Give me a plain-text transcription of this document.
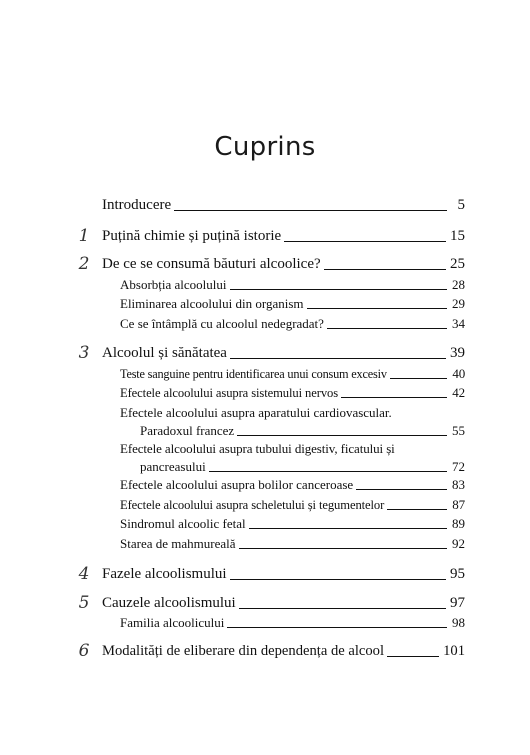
Cuprins
Introducere	5
1 Puțină chimie și puțină istorie	15
2 De ce se consumă băuturi alcoolice?	25
Absorbția alcoolului	28
Eliminarea alcoolului din organism	29
Ce se întâmplă cu alcoolul nedegradat?	34
3 Alcoolul și sănătatea	39
Teste sanguine pentru identificarea unui consum excesiv	40
Efectele alcoolului asupra sistemului nervos	42
Efectele alcoolului asupra aparatului cardiovascular.
Paradoxul francez	55
Efectele alcoolului asupra tubului digestiv, ficatului și
pancreasului	72
Efectele alcoolului asupra bolilor canceroase	83
Efectele alcoolului asupra scheletului și tegumentelor	87
Sindromul alcoolic fetal	89
Starea de mahmureală	92
4 Fazele alcoolismului	95
5 Cauzele alcoolismului	97
Familia alcoolicului	98
6 Modalități de eliberare din dependența de alcool	101
